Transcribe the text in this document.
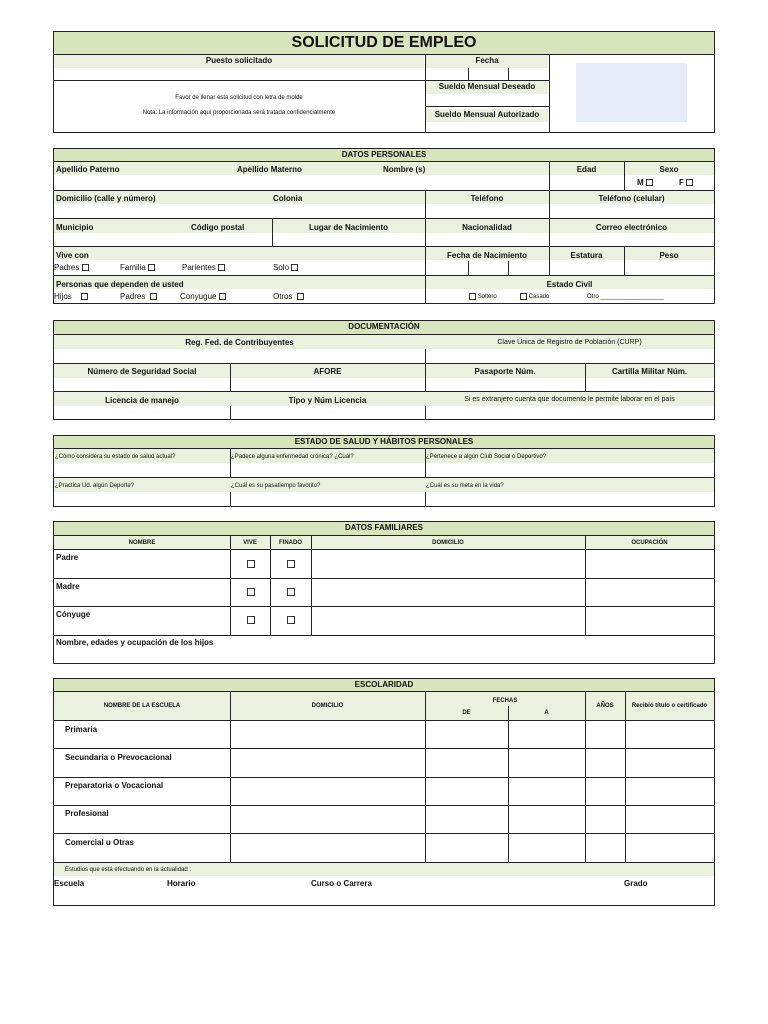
SOLICITUD DE EMPLEO
Puesto solicitado
Favor de llenar esta solicitud con letra de molde
Nota: La información aquí proporcionada será tratada confidencialmente
Fecha
Sueldo Mensual Deseado
Sueldo Mensual Autorizado
DATOS PERSONALES
Apellido Paterno	Apellido Materno	Nombre (s)	Edad	Sexo
M	F
Domicilio (calle y número)	Colonia	Teléfono	Teléfono (celular)
Municipio	Código postal	Lugar de Nacimiento	Nacionalidad	Correo electrónico
Vive con
Padres	Familia	Parientes	Solo
Fecha de Nacimiento	Estatura	Peso
Personas que dependen de usted
Hijos	Padres	Conyugue	Otros
Estado Civil
Soltero	Casado	Otro ___________________
DOCUMENTACIÓN
Reg. Fed. de Contribuyentes	Clave Única de Registro de Población (CURP)
Número de Seguridad Social	AFORE	Pasaporte Núm.	Cartilla Militar Núm.
Licencia de manejo	Tipo y Núm Licencia	Si es extranjero cuenta que documento le permite laborar en el país
ESTADO DE SALUD Y HÁBITOS PERSONALES
¿Cómo considera su estado de salud actual?	¿Padece alguna enfermedad crónica? ¿Cuál?	¿Pertenece a algún Club Social o Deportivo?
¿Practica Ud. algún Deporte?	¿Cuál es su pasatiempo favorito?	¿Cuál es su meta en la vida?
DATOS FAMILIARES
NOMBRE	VIVE	FINADO	DOMICILIO	OCUPACIÓN
Padre
Madre
Cónyuge
Nombre, edades y ocupación de los hijos
ESCOLARIDAD
NOMBRE DE LA ESCUELA	DOMICILIO
FECHAS
DE	A
AÑOS	Recibió título o certificado
Primaria
Secundaria o Prevocacional
Preparatoria o Vocacional
Profesional
Comercial u Otras
Estudios que está efectuando en la actualidad :
Escuela	Horario	Curso o Carrera	Grado
